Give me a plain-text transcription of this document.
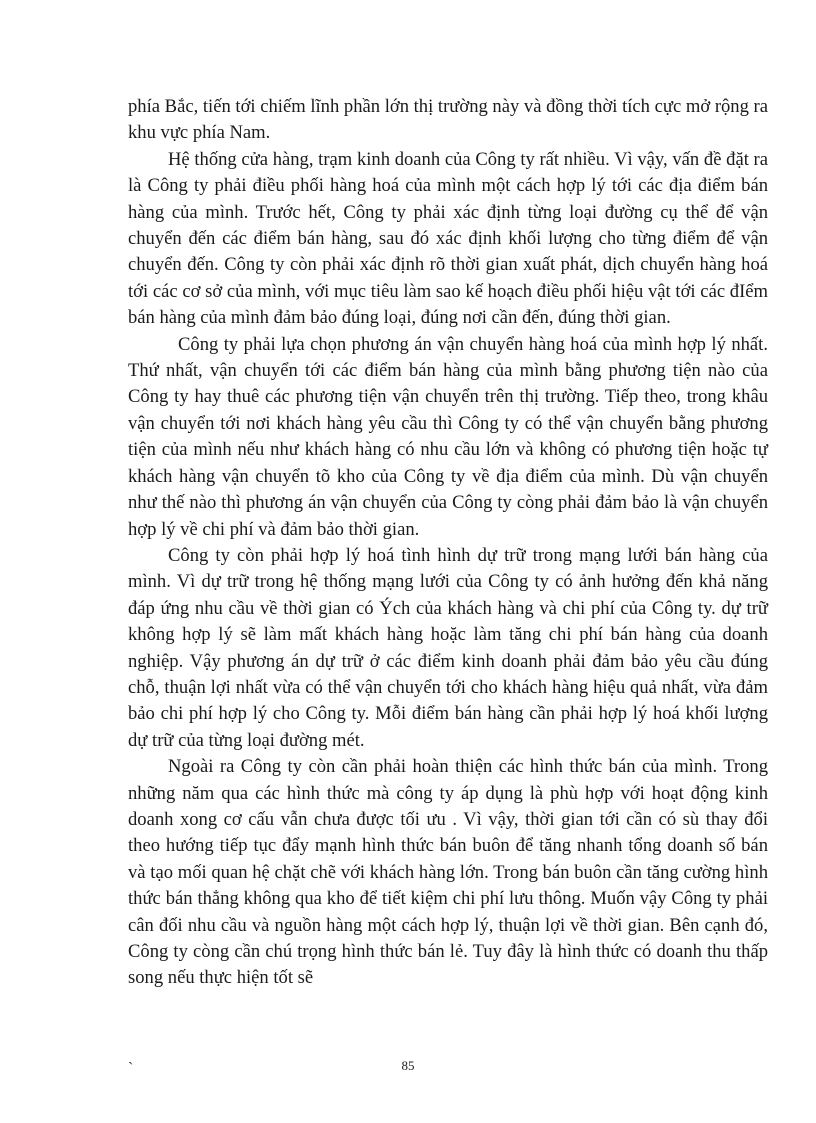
phía Bắc, tiến tới chiếm lĩnh phần lớn thị trường này và đồng thời tích cực mở rộng ra khu vực phía Nam.

Hệ thống cửa hàng, trạm kinh doanh của Công ty rất nhiều. Vì vậy, vấn đề đặt ra là Công ty phải điều phối hàng hoá của mình một cách hợp lý tới các địa điểm bán hàng của mình. Trước hết, Công ty phải xác định từng loại đường cụ thể để vận chuyển đến các điểm bán hàng, sau đó xác định khối lượng cho từng điểm để vận chuyển đến. Công ty còn phải xác định rõ thời gian xuất phát, dịch chuyển hàng hoá tới các cơ sở của mình, với mục tiêu làm sao kế hoạch điều phối hiệu vật tới các đIểm bán hàng của mình đảm bảo đúng loại, đúng nơi cần đến, đúng thời gian.

Công ty phải lựa chọn phương án vận chuyển hàng hoá của mình hợp lý nhất. Thứ nhất, vận chuyển tới các điểm bán hàng của mình bằng phương tiện nào của Công ty hay thuê các phương tiện vận chuyển trên thị trường. Tiếp theo, trong khâu vận chuyển tới nơi khách hàng yêu cầu thì Công ty có thể vận chuyển bằng phương tiện của mình nếu như khách hàng có nhu cầu lớn và không có phương tiện hoặc tự khách hàng vận chuyển tõ kho của Công ty về địa điểm của mình. Dù vận chuyển như thế nào thì phương án vận chuyển của Công ty còng phải đảm bảo là vận chuyển hợp lý về chi phí và đảm bảo thời gian.

Công ty còn phải hợp lý hoá tình hình dự trữ trong mạng lưới bán hàng của mình. Vì dự trữ trong hệ thống mạng lưới của Công ty có ảnh hưởng đến khả năng đáp ứng nhu cầu về thời gian có Ých của khách hàng và chi phí của Công ty. dự trữ không hợp lý sẽ làm mất khách hàng hoặc làm tăng chi phí bán hàng của doanh nghiệp. Vậy phương án dự trữ ở các điểm kinh doanh phải đảm bảo yêu cầu đúng chỗ, thuận lợi nhất vừa có thể vận chuyển tới cho khách hàng hiệu quả nhất, vừa đảm bảo chi phí hợp lý cho Công ty. Mỗi điểm bán hàng cần phải hợp lý hoá khối lượng dự trữ của từng loại đường mét.

Ngoài ra Công ty còn cần phải hoàn thiện các hình thức bán của mình. Trong những năm qua các hình thức mà công ty áp dụng là phù hợp với hoạt động kinh doanh xong cơ cấu vẫn chưa được tối ưu . Vì vậy, thời gian tới cần có sù thay đổi theo hướng tiếp tục đẩy mạnh hình thức bán buôn để tăng nhanh tổng doanh số bán và tạo mối quan hệ chặt chẽ với khách hàng lớn. Trong bán buôn cần tăng cường hình thức bán thẳng không qua kho để tiết kiệm chi phí lưu thông. Muốn vậy Công ty phải cân đối nhu cầu và nguồn hàng một cách hợp lý, thuận lợi về thời gian. Bên cạnh đó, Công ty còng cần chú trọng hình thức bán lẻ. Tuy đây là hình thức có doanh thu thấp song nếu thực hiện tốt sẽ

`	85
